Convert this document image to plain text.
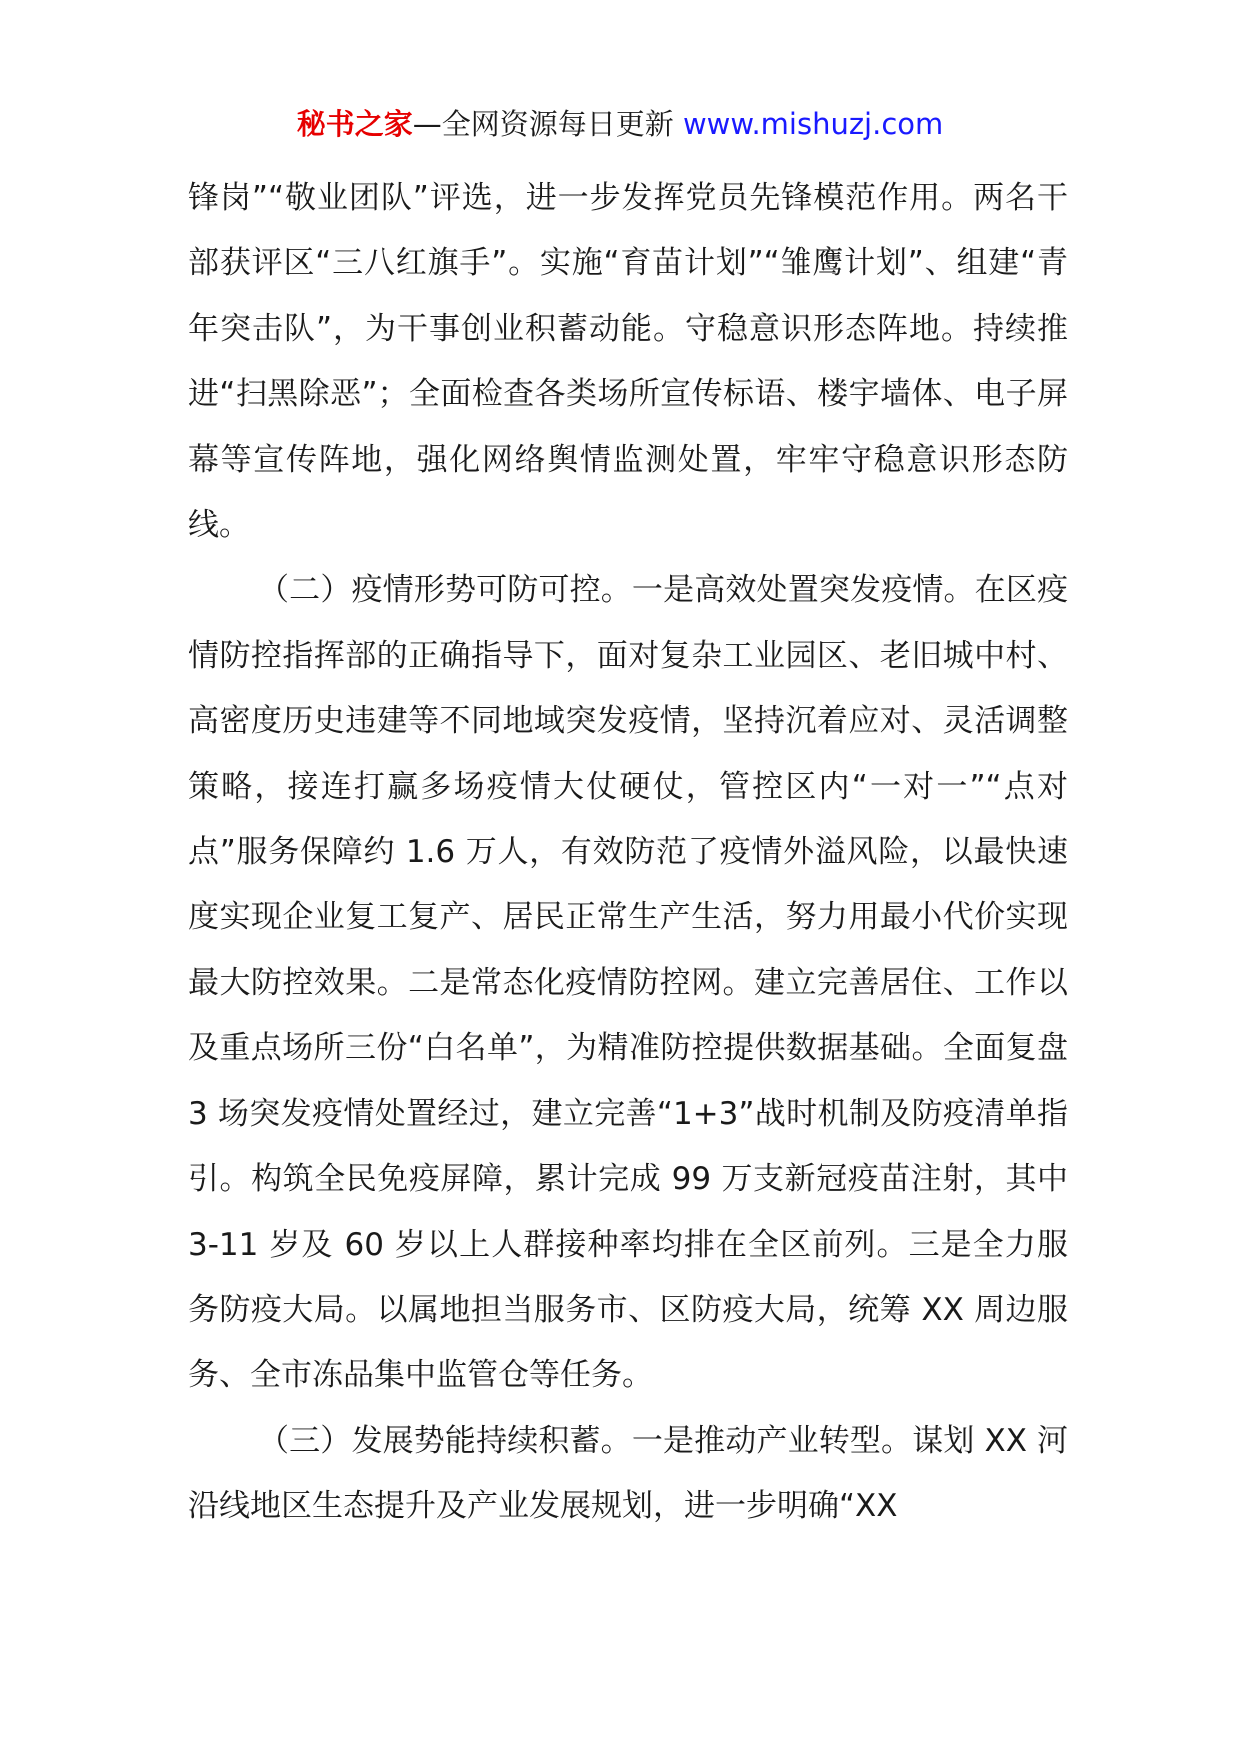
秘书之家—全网资源每日更新 www.mishuzj.com

锋岗”“敬业团队”评选，进一步发挥党员先锋模范作用。两名干部获评区“三八红旗手”。实施“育苗计划”“雏鹰计划”、组建“青年突击队”，为干事创业积蓄动能。守稳意识形态阵地。持续推进“扫黑除恶”；全面检查各类场所宣传标语、楼宇墙体、电子屏幕等宣传阵地，强化网络舆情监测处置，牢牢守稳意识形态防线。

（二）疫情形势可防可控。一是高效处置突发疫情。在区疫情防控指挥部的正确指导下，面对复杂工业园区、老旧城中村、高密度历史违建等不同地域突发疫情，坚持沉着应对、灵活调整策略，接连打赢多场疫情大仗硬仗，管控区内“一对一”“点对点”服务保障约 1.6 万人，有效防范了疫情外溢风险，以最快速度实现企业复工复产、居民正常生产生活，努力用最小代价实现最大防控效果。二是常态化疫情防控网。建立完善居住、工作以及重点场所三份“白名单”，为精准防控提供数据基础。全面复盘 3 场突发疫情处置经过，建立完善“1+3”战时机制及防疫清单指引。构筑全民免疫屏障，累计完成 99 万支新冠疫苗注射，其中 3-11 岁及 60 岁以上人群接种率均排在全区前列。三是全力服务防疫大局。以属地担当服务市、区防疫大局，统筹 XX 周边服务、全市冻品集中监管仓等任务。

（三）发展势能持续积蓄。一是推动产业转型。谋划 XX 河沿线地区生态提升及产业发展规划，进一步明确“XX
